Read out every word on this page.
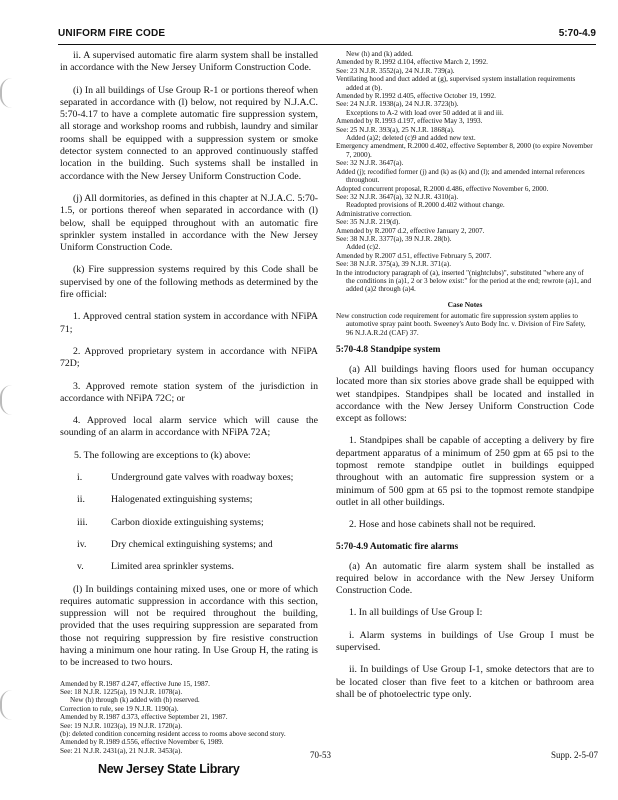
UNIFORM FIRE CODE	5:70-4.9

ii. A supervised automatic fire alarm system shall be installed in accordance with the New Jersey Uniform Construction Code.

(i) In all buildings of Use Group R-1 or portions thereof when separated in accordance with (l) below, not required by N.J.A.C. 5:70-4.17 to have a complete automatic fire suppression system, all storage and workshop rooms and rubbish, laundry and similar rooms shall be equipped with a suppression system or smoke detector system connected to an approved continuously staffed location in the building. Such systems shall be installed in accordance with the New Jersey Uniform Construction Code.

(j) All dormitories, as defined in this chapter at N.J.A.C. 5:70-1.5, or portions thereof when separated in accordance with (l) below, shall be equipped throughout with an automatic fire sprinkler system installed in accordance with the New Jersey Uniform Construction Code.

(k) Fire suppression systems required by this Code shall be supervised by one of the following methods as determined by the fire official:

1. Approved central station system in accordance with NFiPA 71;

2. Approved proprietary system in accordance with NFiPA 72D;

3. Approved remote station system of the jurisdiction in accordance with NFiPA 72C; or

4. Approved local alarm service which will cause the sounding of an alarm in accordance with NFiPA 72A;

5. The following are exceptions to (k) above:

i.	Underground gate valves with roadway boxes;
ii.	Halogenated extinguishing systems;
iii.	Carbon dioxide extinguishing systems;
iv.	Dry chemical extinguishing systems; and
v.	Limited area sprinkler systems.

(l) In buildings containing mixed uses, one or more of which requires automatic suppression in accordance with this section, suppression will not be required throughout the building, provided that the uses requiring suppression are separated from those not requiring suppression by fire resistive construction having a minimum one hour rating. In Use Group H, the rating is to be increased to two hours.

Amended by R.1987 d.247, effective June 15, 1987.

See: 18 N.J.R. 1225(a), 19 N.J.R. 1078(a).

New (h) through (k) added with (h) reserved.

Correction to rule, see 19 N.J.R. 1190(a).

Amended by R.1987 d.373, effective September 21, 1987.

See: 19 N.J.R. 1023(a), 19 N.J.R. 1720(a).

(b): deleted condition concerning resident access to rooms above second story.

Amended by R.1989 d.556, effective November 6, 1989.

See: 21 N.J.R. 2431(a), 21 N.J.R. 3453(a).

New (h) and (k) added.

Amended by R.1992 d.104, effective March 2, 1992.

See: 23 N.J.R. 3552(a), 24 N.J.R. 739(a).

Ventilating hood and duct added at (g), supervised system installation requirements added at (b).

Amended by R.1992 d.405, effective October 19, 1992.

See: 24 N.J.R. 1938(a), 24 N.J.R. 3723(b).

Exceptions to A-2 with load over 50 added at ii and iii.

Amended by R.1993 d.197, effective May 3, 1993.

See: 25 N.J.R. 393(a), 25 N.J.R. 1868(a).

Added (a)2; deleted (c)9 and added new text.

Emergency amendment, R.2000 d.402, effective September 8, 2000 (to expire November 7, 2000).

See: 32 N.J.R. 3647(a).

Added (j); recodified former (j) and (k) as (k) and (l); and amended internal references throughout.

Adopted concurrent proposal, R.2000 d.486, effective November 6, 2000.

See: 32 N.J.R. 3647(a), 32 N.J.R. 4310(a).

Readopted provisions of R.2000 d.402 without change.

Administrative correction.

See: 35 N.J.R. 219(d).

Amended by R.2007 d.2, effective January 2, 2007.

See: 38 N.J.R. 3377(a), 39 N.J.R. 28(b).

Added (c)2.

Amended by R.2007 d.51, effective February 5, 2007.

See: 38 N.J.R. 375(a), 39 N.J.R. 371(a).

In the introductory paragraph of (a), inserted "(nightclubs)", substituted "where any of the conditions in (a)1, 2 or 3 below exist:" for the period at the end; rewrote (a)1, and added (a)2 through (a)4.

Case Notes

New construction code requirement for automatic fire suppression system applies to automotive spray paint booth. Sweeney's Auto Body Inc. v. Division of Fire Safety, 96 N.J.A.R.2d (CAF) 37.

5:70-4.8 Standpipe system

(a) All buildings having floors used for human occupancy located more than six stories above grade shall be equipped with wet standpipes. Standpipes shall be located and installed in accordance with the New Jersey Uniform Construction Code except as follows:

1. Standpipes shall be capable of accepting a delivery by fire department apparatus of a minimum of 250 gpm at 65 psi to the topmost remote standpipe outlet in buildings equipped throughout with an automatic fire suppression system or a minimum of 500 gpm at 65 psi to the topmost remote standpipe outlet in all other buildings.

2. Hose and hose cabinets shall not be required.

5:70-4.9 Automatic fire alarms

(a) An automatic fire alarm system shall be installed as required below in accordance with the New Jersey Uniform Construction Code.

1. In all buildings of Use Group I:

i. Alarm systems in buildings of Use Group I must be supervised.

ii. In buildings of Use Group I-1, smoke detectors that are to be located closer than five feet to a kitchen or bathroom area shall be of photoelectric type only.

New Jersey State Library
70-53	Supp. 2-5-07
